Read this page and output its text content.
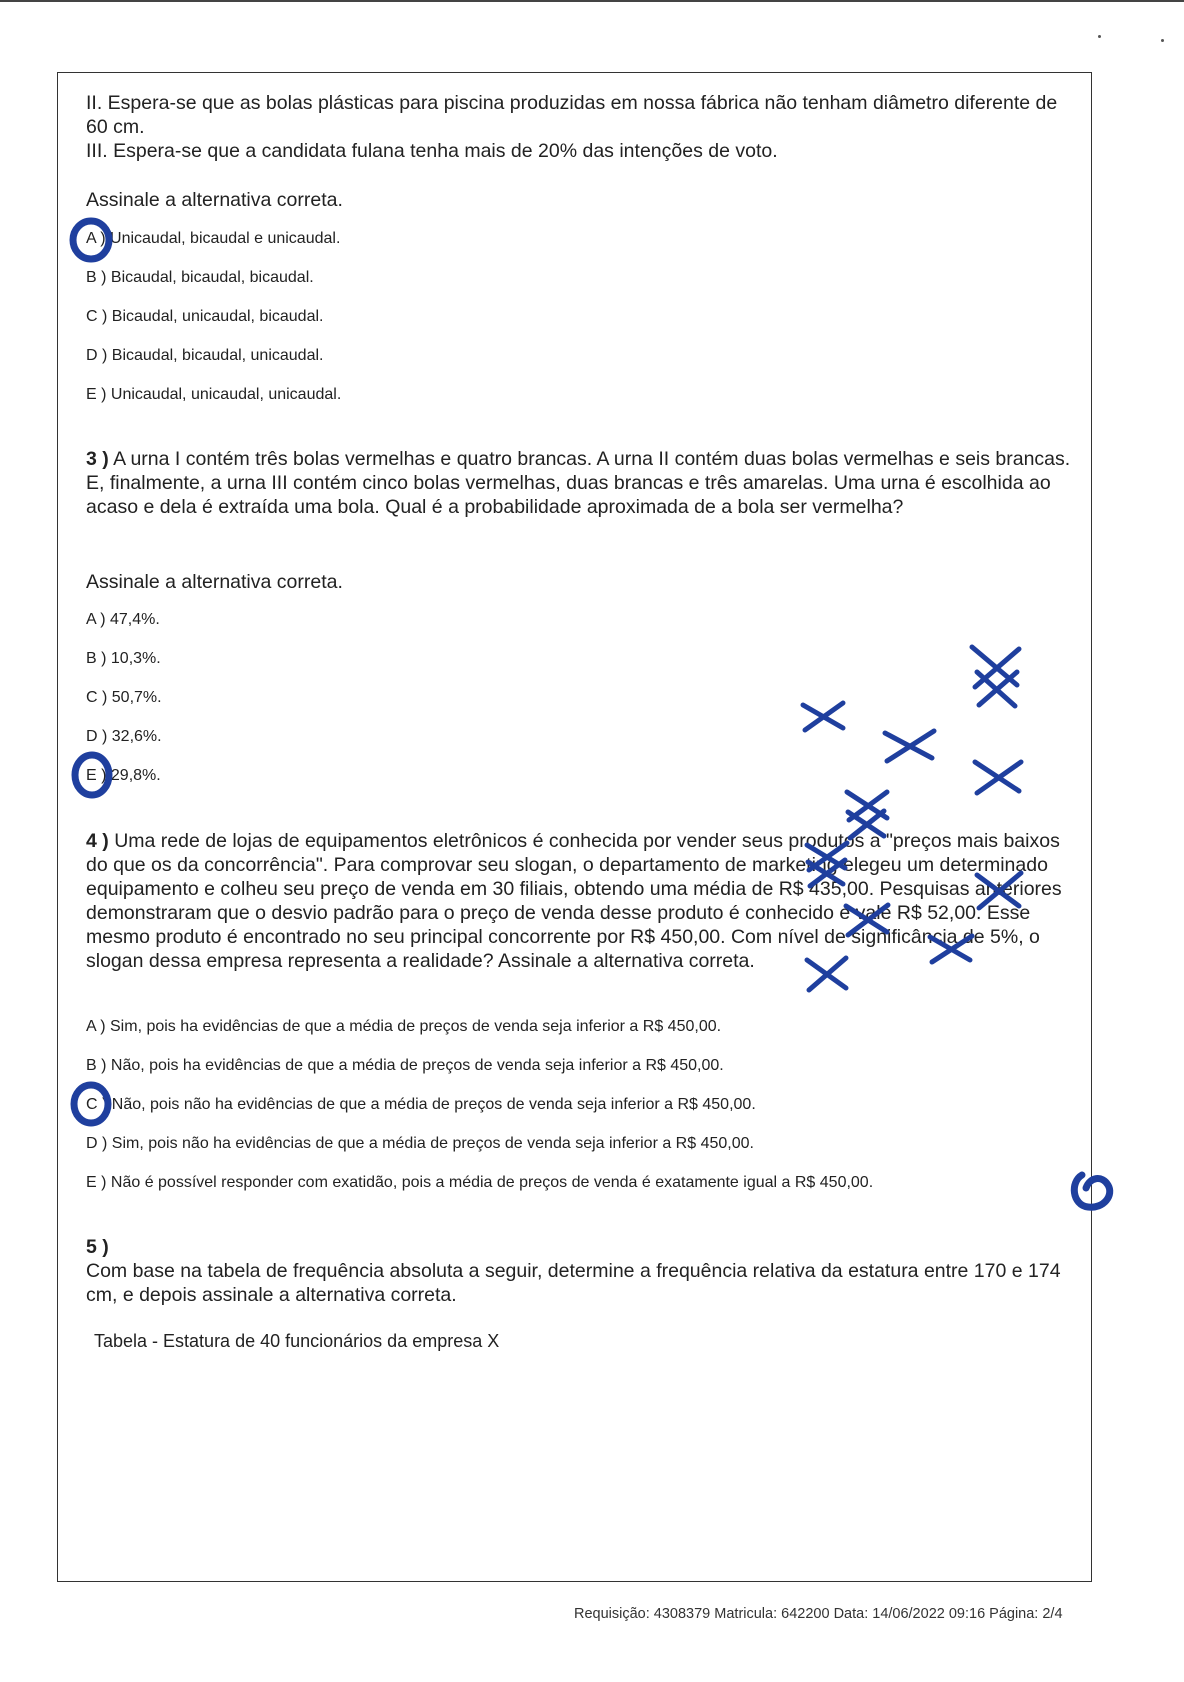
II. Espera-se que as bolas plásticas para piscina produzidas em nossa fábrica não tenham diâmetro diferente de 60 cm.

III. Espera-se que a candidata fulana tenha mais de 20% das intenções de voto.

Assinale a alternativa correta.

A ) Unicaudal, bicaudal e unicaudal.

B ) Bicaudal, bicaudal, bicaudal.

C ) Bicaudal, unicaudal, bicaudal.

D ) Bicaudal, bicaudal, unicaudal.

E ) Unicaudal, unicaudal, unicaudal.

3 ) A urna I contém três bolas vermelhas e quatro brancas. A urna II contém duas bolas vermelhas e seis brancas. E, finalmente, a urna III contém cinco bolas vermelhas, duas brancas e três amarelas. Uma urna é escolhida ao acaso e dela é extraída uma bola. Qual é a probabilidade aproximada de a bola ser vermelha?

Assinale a alternativa correta.

A ) 47,4%.

B ) 10,3%.

C ) 50,7%.

D ) 32,6%.

E ) 29,8%.

4 ) Uma rede de lojas de equipamentos eletrônicos é conhecida por vender seus produtos a "preços mais baixos do que os da concorrência". Para comprovar seu slogan, o departamento de marketing elegeu um determinado equipamento e colheu seu preço de venda em 30 filiais, obtendo uma média de R$ 435,00. Pesquisas anteriores demonstraram que o desvio padrão para o preço de venda desse produto é conhecido e vale R$ 52,00. Esse mesmo produto é encontrado no seu principal concorrente por R$ 450,00. Com nível de significância de 5%, o slogan dessa empresa representa a realidade? Assinale a alternativa correta.

A ) Sim, pois ha evidências de que a média de preços de venda seja inferior a R$ 450,00.

B ) Não, pois ha evidências de que a média de preços de venda seja inferior a R$ 450,00.

C ) Não, pois não ha evidências de que a média de preços de venda seja inferior a R$ 450,00.

D ) Sim, pois não ha evidências de que a média de preços de venda seja inferior a R$ 450,00.

E ) Não é possível responder com exatidão, pois a média de preços de venda é exatamente igual a R$ 450,00.

5 )

Com base na tabela de frequência absoluta a seguir, determine a frequência relativa da estatura entre 170 e 174 cm, e depois assinale a alternativa correta.

Tabela - Estatura de 40 funcionários da empresa X

Requisição: 4308379 Matricula: 642200 Data: 14/06/2022 09:16 Página: 2/4
